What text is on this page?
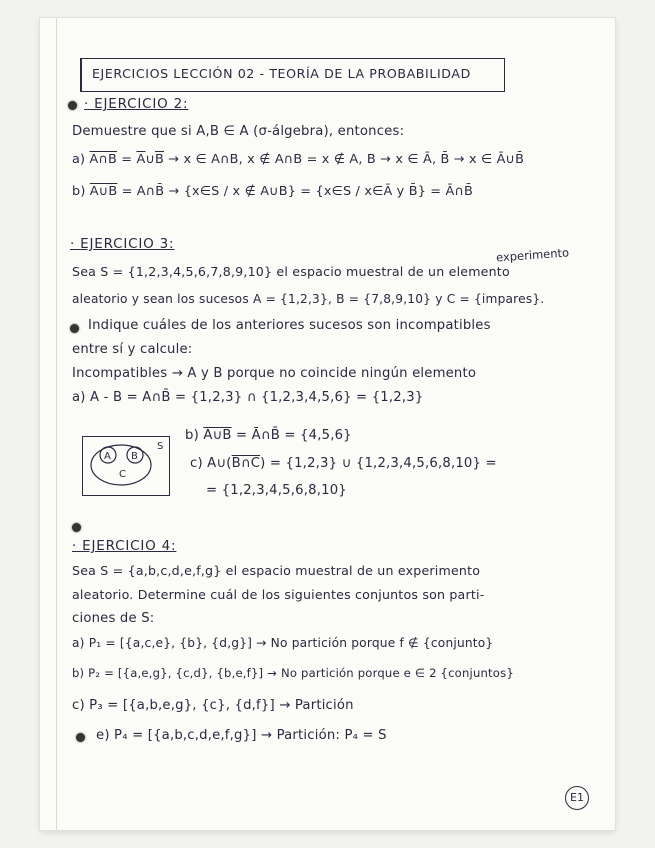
EJERCICIOS LECCIÓN 02 - TEORÍA DE LA PROBABILIDAD
· EJERCICIO 2:
Demuestre que si A,B ∈ A (σ-álgebra), entonces:
a) A∩B = $\overline{A}\cup\overline{B} \to x$ ∈ A∩B, x ∉ A∩B = x ∉ A, B → x ∈ Ā, B̄ → x ∈ Ā∪B̄
b) A∪B = A∩B̄ → {x∈S / x ∉ A∪B} = {x∈S / x∈Ā y B̄} = Ā∩B̄
· EJERCICIO 3:
experimento
Sea S = {1,2,3,4,5,6,7,8,9,10} el espacio muestral de un elemento
aleatorio y sean los sucesos A = {1,2,3}, B = {7,8,9,10} y C = {impares}.
Indique cuáles de los anteriores sucesos son incompatibles
entre sí y calcule:
Incompatibles → A y B porque no coincide ningún elemento
a) A - B = A∩B̄ = {1,2,3} ∩ {1,2,3,4,5,6} = {1,2,3}
A B
C
S
b) A∪B = Ā∩B̄ = {4,5,6}
c) A∪(B∩C) = {1,2,3} ∪ {1,2,3,4,5,6,8,10} =
= {1,2,3,4,5,6,8,10}
· EJERCICIO 4:
Sea S = {a,b,c,d,e,f,g} el espacio muestral de un experimento
aleatorio. Determine cuál de los siguientes conjuntos son parti-
ciones de S:
a) P₁ = [{a,c,e}, {b}, {d,g}] → No partición porque f ∉ {conjunto}
b) P₂ = [{a,e,g}, {c,d}, {b,e,f}] → No partición porque e ∈ 2 {conjuntos}
c) P₃ = [{a,b,e,g}, {c}, {d,f}] → Partición
e) P₄ = [{a,b,c,d,e,f,g}] → Partición: P₄ = S
E1
